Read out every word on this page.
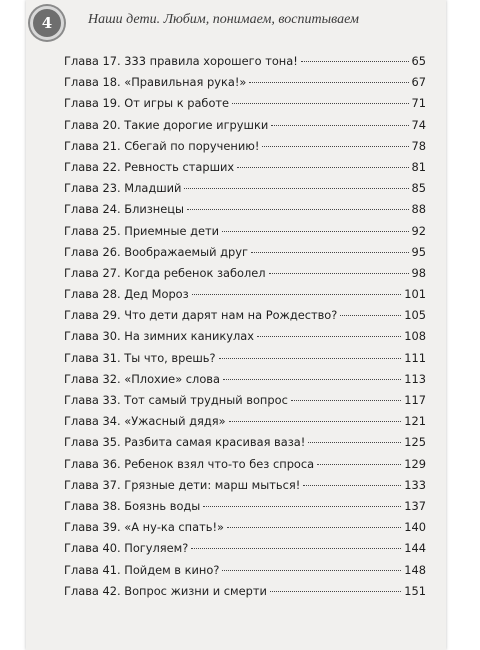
4	Наши дети. Любим, понимаем, воспитываем
Глава 17. 333 правила хорошего тона!	65
Глава 18. «Правильная рука!»	67
Глава 19. От игры к работе	71
Глава 20. Такие дорогие игрушки	74
Глава 21. Сбегай по поручению!	78
Глава 22. Ревность старших	81
Глава 23. Младший	85
Глава 24. Близнецы	88
Глава 25. Приемные дети	92
Глава 26. Воображаемый друг	95
Глава 27. Когда ребенок заболел	98
Глава 28. Дед Мороз	101
Глава 29. Что дети дарят нам на Рождество?	105
Глава 30. На зимних каникулах	108
Глава 31. Ты что, врешь?	111
Глава 32. «Плохие» слова	113
Глава 33. Тот самый трудный вопрос	117
Глава 34. «Ужасный дядя»	121
Глава 35. Разбита самая красивая ваза!	125
Глава 36. Ребенок взял что-то без спроса	129
Глава 37. Грязные дети: марш мыться!	133
Глава 38. Боязнь воды	137
Глава 39. «А ну-ка спать!»	140
Глава 40. Погуляем?	144
Глава 41. Пойдем в кино?	148
Глава 42. Вопрос жизни и смерти	151
